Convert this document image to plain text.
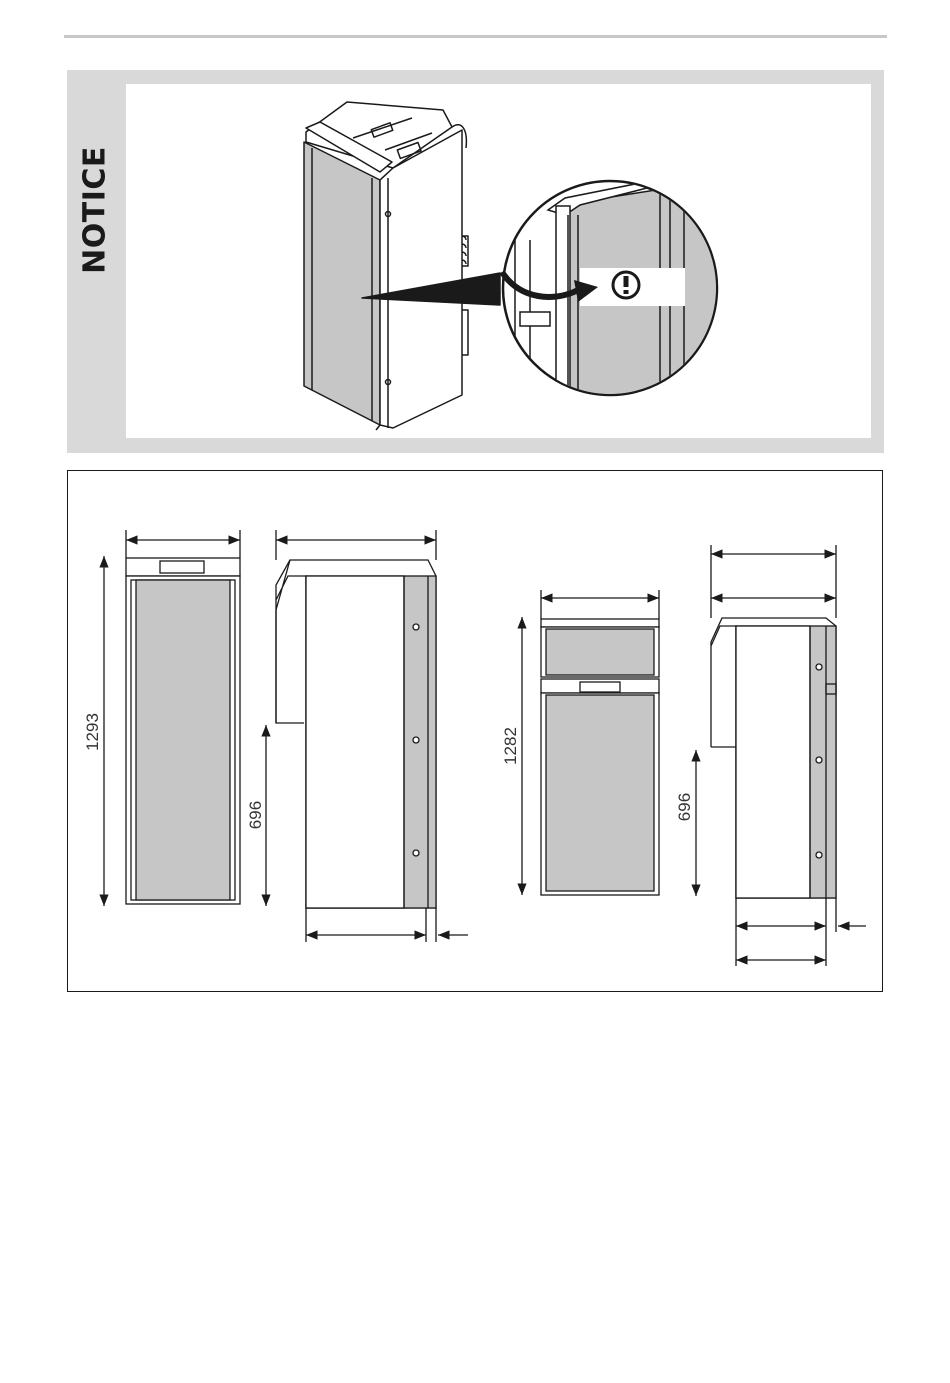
NOTICE
1293
696
1282
696
